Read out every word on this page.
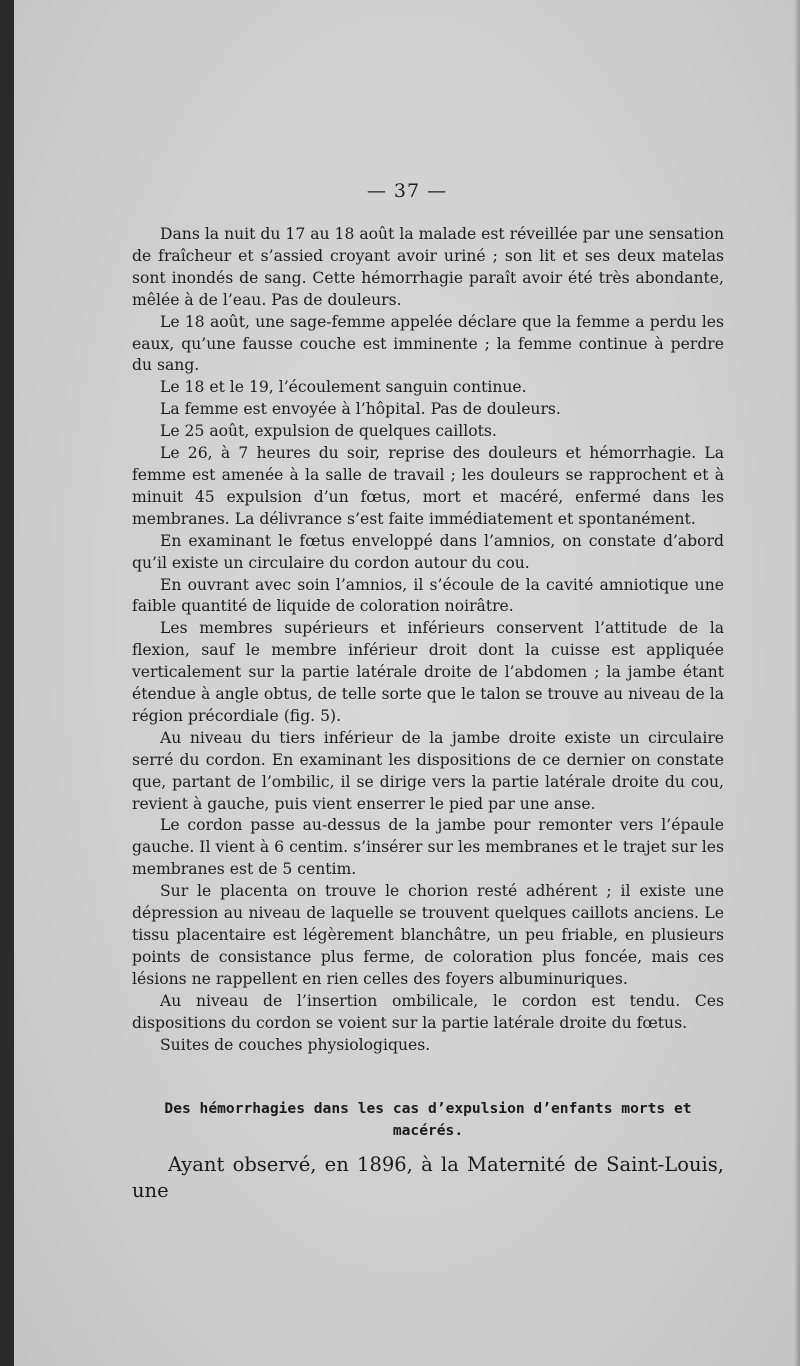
— 37 —

Dans la nuit du 17 au 18 août la malade est réveillée par une sensation de fraîcheur et s’assied croyant avoir uriné ; son lit et ses deux matelas sont inondés de sang. Cette hémorrhagie paraît avoir été très abondante, mêlée à de l’eau. Pas de douleurs.

Le 18 août, une sage-femme appelée déclare que la femme a perdu les eaux, qu’une fausse couche est imminente ; la femme continue à perdre du sang.

Le 18 et le 19, l’écoulement sanguin continue.

La femme est envoyée à l’hôpital. Pas de douleurs.

Le 25 août, expulsion de quelques caillots.

Le 26, à 7 heures du soir, reprise des douleurs et hémorrhagie. La femme est amenée à la salle de travail ; les douleurs se rapprochent et à minuit 45 expulsion d’un fœtus, mort et macéré, enfermé dans les membranes. La délivrance s’est faite immédiatement et spontanément.

En examinant le fœtus enveloppé dans l’amnios, on constate d’abord qu’il existe un circulaire du cordon autour du cou.

En ouvrant avec soin l’amnios, il s’écoule de la cavité amniotique une faible quantité de liquide de coloration noirâtre.

Les membres supérieurs et inférieurs conservent l’attitude de la flexion, sauf le membre inférieur droit dont la cuisse est appliquée verticalement sur la partie latérale droite de l’abdomen ; la jambe étant étendue à angle obtus, de telle sorte que le talon se trouve au niveau de la région précordiale (fig. 5).

Au niveau du tiers inférieur de la jambe droite existe un circulaire serré du cordon. En examinant les dispositions de ce dernier on constate que, partant de l’ombilic, il se dirige vers la partie latérale droite du cou, revient à gauche, puis vient enserrer le pied par une anse.

Le cordon passe au-dessus de la jambe pour remonter vers l’épaule gauche. Il vient à 6 centim. s’insérer sur les membranes et le trajet sur les membranes est de 5 centim.

Sur le placenta on trouve le chorion resté adhérent ; il existe une dépression au niveau de laquelle se trouvent quelques caillots anciens. Le tissu placentaire est légèrement blanchâtre, un peu friable, en plusieurs points de consistance plus ferme, de coloration plus foncée, mais ces lésions ne rappellent en rien celles des foyers albuminuriques.

Au niveau de l’insertion ombilicale, le cordon est tendu. Ces dispositions du cordon se voient sur la partie latérale droite du fœtus.

Suites de couches physiologiques.

Des hémorrhagies dans les cas d’expulsion d’enfants morts et macérés.

Ayant observé, en 1896, à la Maternité de Saint-Louis, une
